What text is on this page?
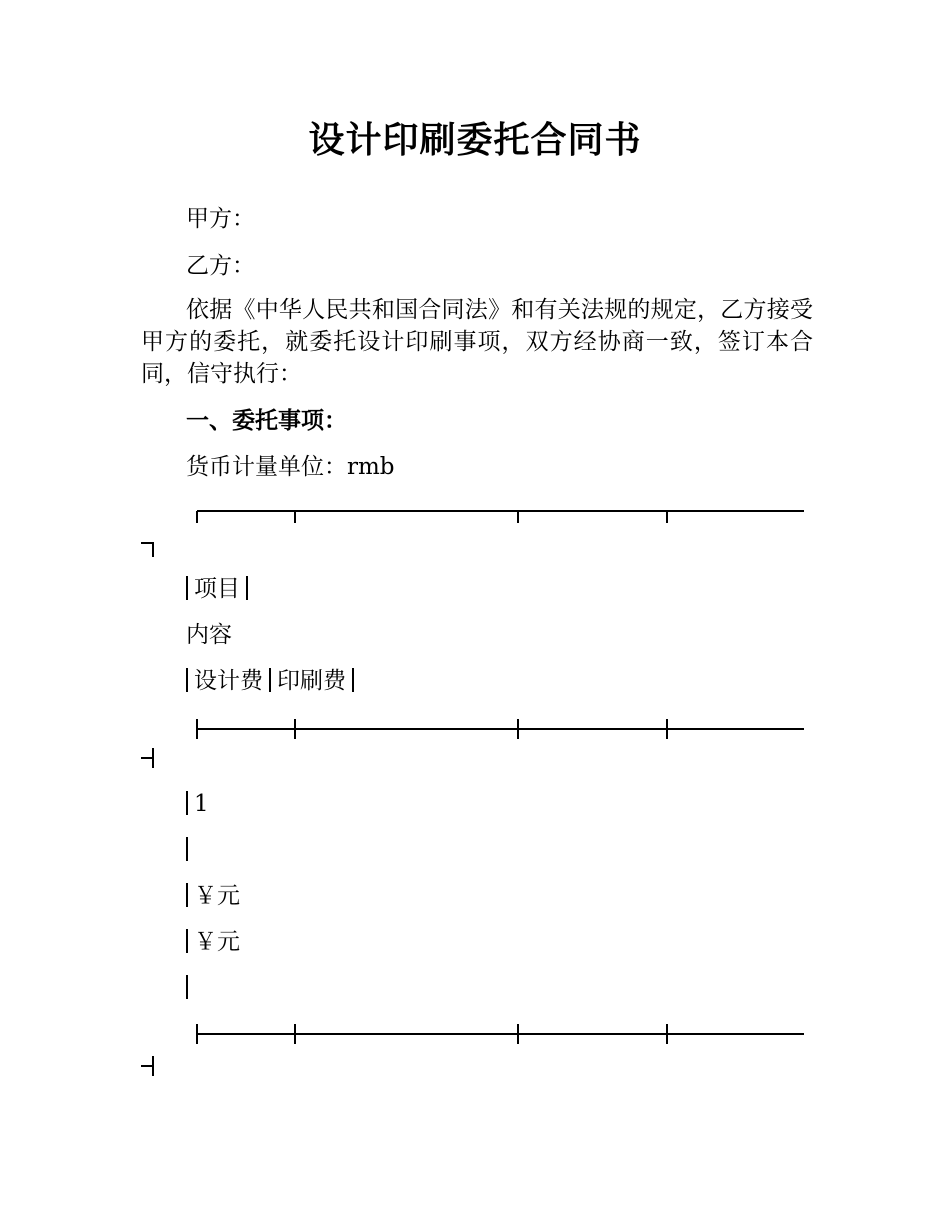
设计印刷委托合同书
甲方：
乙方：
依据《中华人民共和国合同法》和有关法规的规定，乙方接受甲方的委托，就委托设计印刷事项，双方经协商一致，签订本合同，信守执行：
一、委托事项：
货币计量单位：rmb
项目
内容
设计费 印刷费
1
￥元
￥元
